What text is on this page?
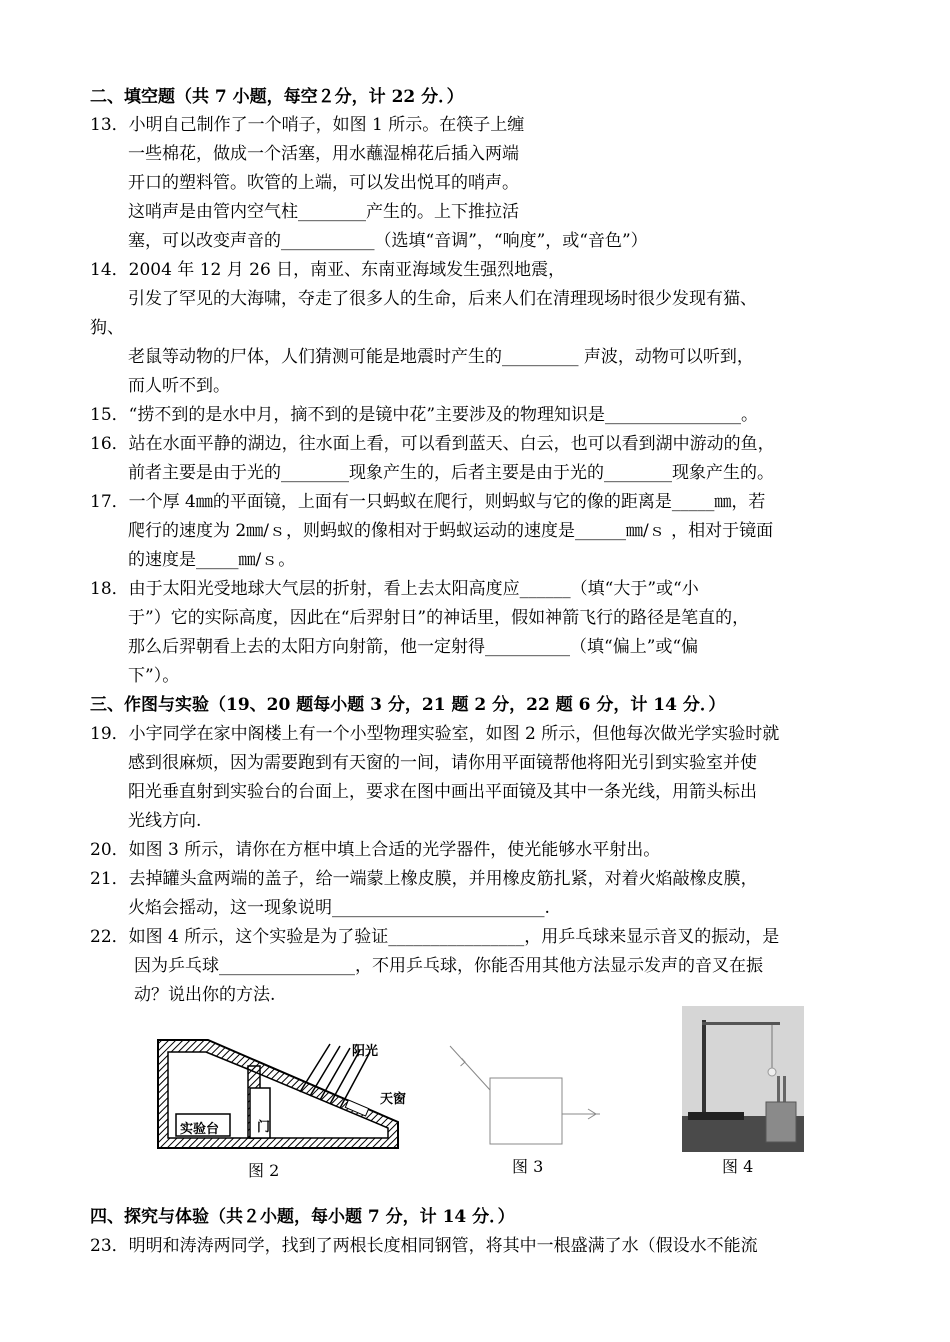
二、填空题（共 7 小题，每空２分，计 22 分．）
13．小明自己制作了一个哨子，如图 1 所示。在筷子上缠
一些棉花，做成一个活塞，用水蘸湿棉花后插入两端
开口的塑料管。吹管的上端，可以发出悦耳的哨声。
这哨声是由管内空气柱________产生的。上下推拉活
塞，可以改变声音的___________（选填“音调”，“响度”，或“音色”）
14．2004 年 12 月 26 日，南亚、东南亚海域发生强烈地震，
引发了罕见的大海啸，夺走了很多人的生命，后来人们在清理现场时很少发现有猫、
狗、
老鼠等动物的尸体，人们猜测可能是地震时产生的_________ 声波，动物可以听到，
而人听不到。
15．“捞不到的是水中月，摘不到的是镜中花”主要涉及的物理知识是________________。
16．站在水面平静的湖边，往水面上看，可以看到蓝天、白云，也可以看到湖中游动的鱼，
前者主要是由于光的________现象产生的，后者主要是由于光的________现象产生的。
17．一个厚 4㎜的平面镜，上面有一只蚂蚁在爬行，则蚂蚁与它的像的距离是_____㎜，若
爬行的速度为 2㎜/ｓ，则蚂蚁的像相对于蚂蚁运动的速度是______㎜/ｓ ，相对于镜面
的速度是_____㎜/ｓ。
18．由于太阳光受地球大气层的折射，看上去太阳高度应______（填“大于”或“小
于”）它的实际高度，因此在“后羿射日”的神话里，假如神箭飞行的路径是笔直的，
那么后羿朝看上去的太阳方向射箭，他一定射得__________（填“偏上”或“偏
下”）。
三、作图与实验（19、20 题每小题 3 分，21 题 2 分，22 题 6 分，计 14 分．）
19．小宇同学在家中阁楼上有一个小型物理实验室，如图 2 所示，但他每次做光学实验时就
感到很麻烦，因为需要跑到有天窗的一间，请你用平面镜帮他将阳光引到实验室并使
阳光垂直射到实验台的台面上，要求在图中画出平面镜及其中一条光线，用箭头标出
光线方向.
20．如图 3 所示，请你在方框中填上合适的光学器件，使光能够水平射出。
21．去掉罐头盒两端的盖子，给一端蒙上橡皮膜，并用橡皮筋扎紧，对着火焰敲橡皮膜，
火焰会摇动，这一现象说明_________________________.
22．如图 4 所示，这个实验是为了验证________________，用乒乓球来显示音叉的振动，是
因为乒乓球________________，不用乒乓球，你能否用其他方法显示发声的音叉在振
动？说出你的方法.
阳光
天窗
实验台	门
图 2	图 3	图 4
四、探究与体验（共２小题，每小题 7 分，计 14 分．）
23．明明和涛涛两同学，找到了两根长度相同钢管，将其中一根盛满了水（假设水不能流
